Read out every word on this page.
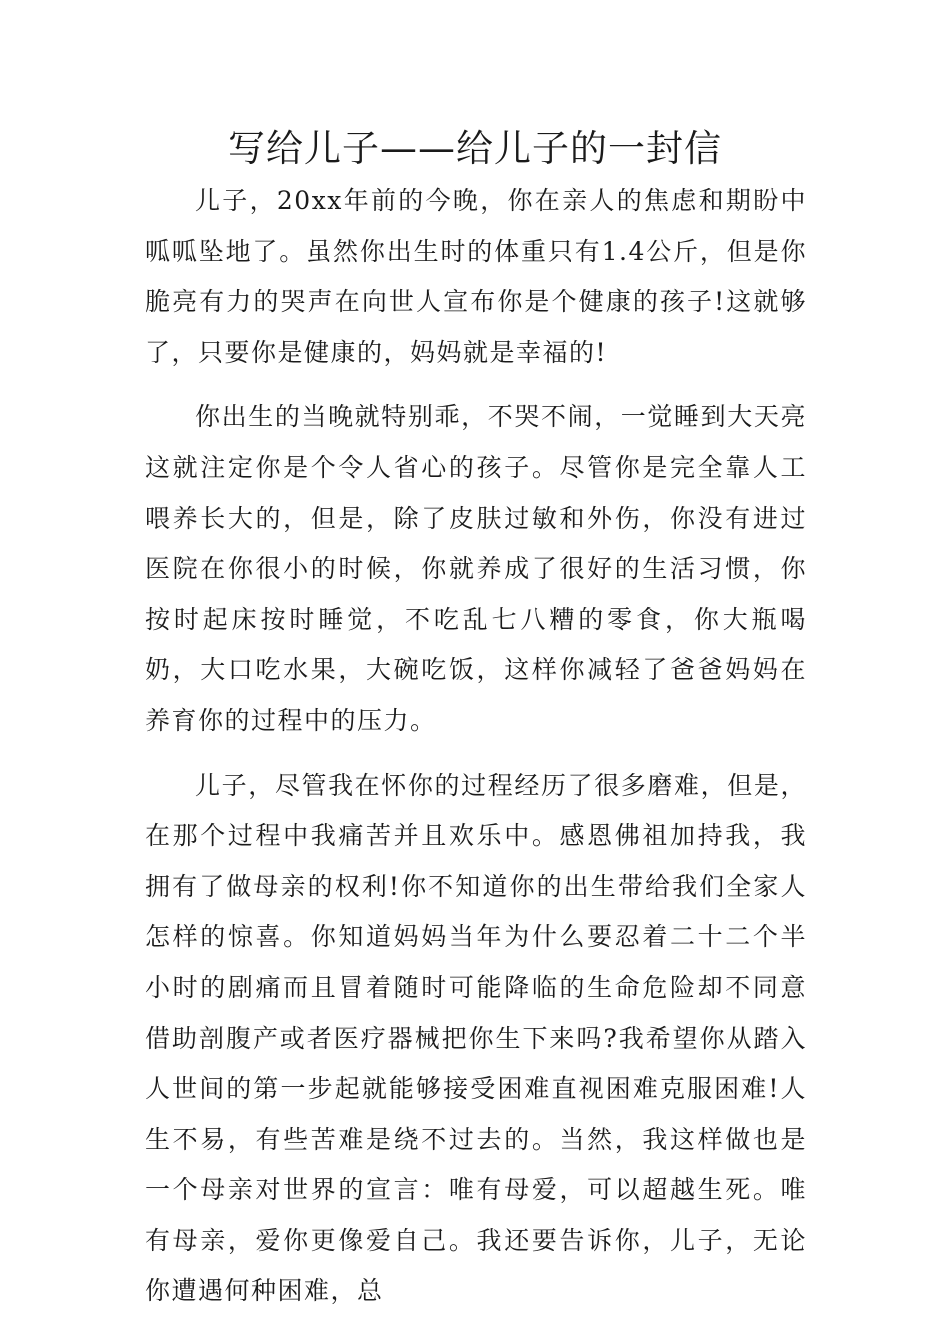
写给儿子——给儿子的一封信

儿子，20xx年前的今晚，你在亲人的焦虑和期盼中呱呱坠地了。虽然你出生时的体重只有1.4公斤，但是你脆亮有力的哭声在向世人宣布你是个健康的孩子!这就够了，只要你是健康的，妈妈就是幸福的!

你出生的当晚就特别乖，不哭不闹，一觉睡到大天亮这就注定你是个令人省心的孩子。尽管你是完全靠人工喂养长大的，但是，除了皮肤过敏和外伤，你没有进过医院在你很小的时候，你就养成了很好的生活习惯，你按时起床按时睡觉，不吃乱七八糟的零食，你大瓶喝奶，大口吃水果，大碗吃饭，这样你减轻了爸爸妈妈在养育你的过程中的压力。

儿子，尽管我在怀你的过程经历了很多磨难，但是，在那个过程中我痛苦并且欢乐中。感恩佛祖加持我，我拥有了做母亲的权利!你不知道你的出生带给我们全家人怎样的惊喜。你知道妈妈当年为什么要忍着二十二个半小时的剧痛而且冒着随时可能降临的生命危险却不同意借助剖腹产或者医疗器械把你生下来吗?我希望你从踏入人世间的第一步起就能够接受困难直视困难克服困难!人生不易，有些苦难是绕不过去的。当然，我这样做也是一个母亲对世界的宣言：唯有母爱，可以超越生死。唯有母亲，爱你更像爱自己。我还要告诉你，儿子，无论你遭遇何种困难，总
